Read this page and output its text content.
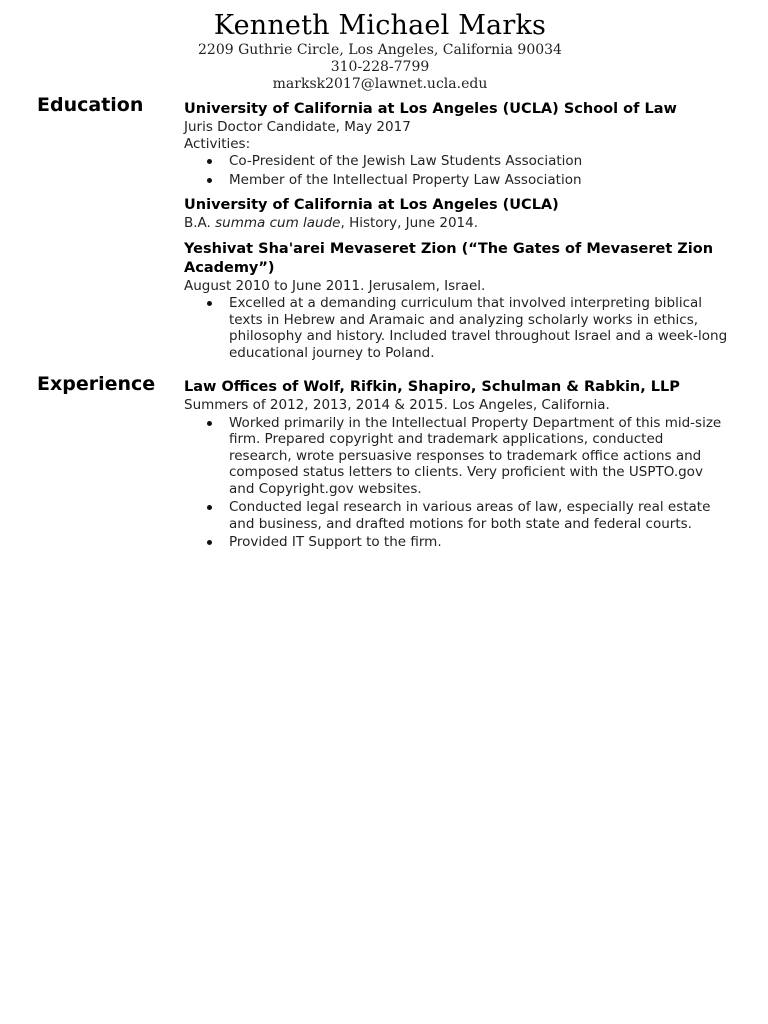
Kenneth Michael Marks
2209 Guthrie Circle, Los Angeles, California 90034
310-228-7799
marksk2017@lawnet.ucla.edu
Education	University of California at Los Angeles (UCLA) School of Law
Juris Doctor Candidate, May 2017
Activities:
Co-President of the Jewish Law Students Association
Member of the Intellectual Property Law Association
University of California at Los Angeles (UCLA)
B.A. summa cum laude, History, June 2014.
Yeshivat Sha'arei Mevaseret Zion (“The Gates of Mevaseret Zion Academy”)
August 2010 to June 2011. Jerusalem, Israel.
Excelled at a demanding curriculum that involved interpreting biblical texts in Hebrew and Aramaic and analyzing scholarly works in ethics, philosophy and history. Included travel throughout Israel and a week-long educational journey to Poland.
Experience Law Offices of Wolf, Rifkin, Shapiro, Schulman & Rabkin, LLP
Summers of 2012, 2013, 2014 & 2015. Los Angeles, California.
Worked primarily in the Intellectual Property Department of this mid-size firm. Prepared copyright and trademark applications, conducted research, wrote persuasive responses to trademark office actions and composed status letters to clients. Very proficient with the USPTO.gov and Copyright.gov websites.
Conducted legal research in various areas of law, especially real estate and business, and drafted motions for both state and federal courts.
Provided IT Support to the firm.
